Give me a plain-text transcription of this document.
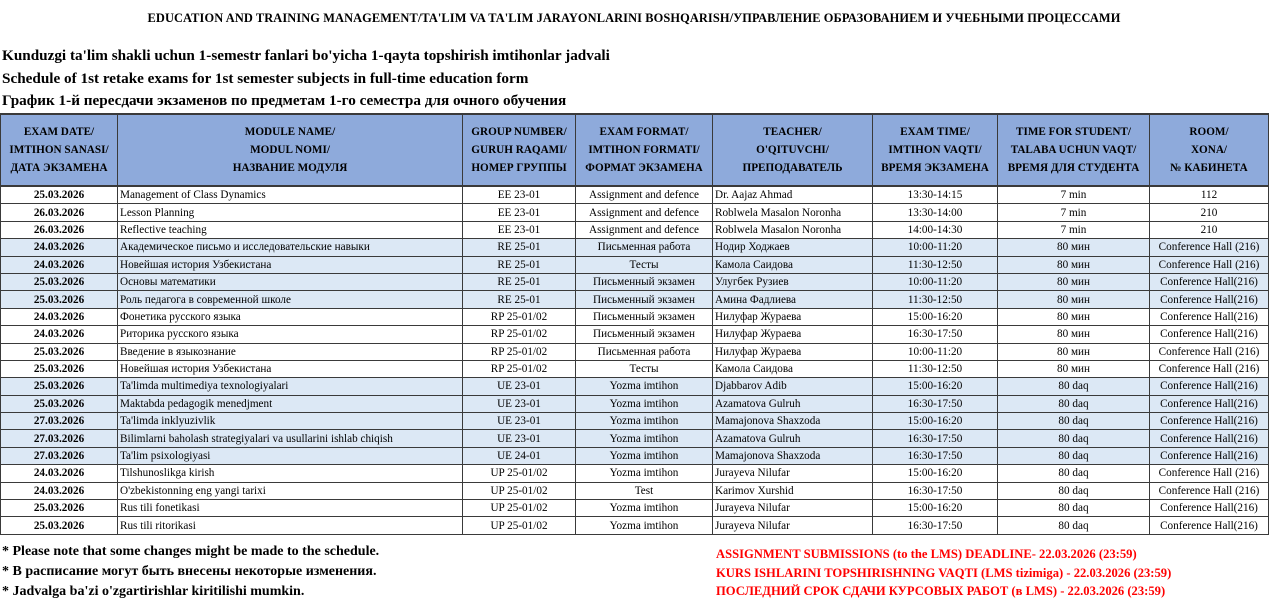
EDUCATION AND TRAINING MANAGEMENT/TA'LIM VA TA'LIM JARAYONLARINI BOSHQARISH/УПРАВЛЕНИЕ ОБРАЗОВАНИЕМ И УЧЕБНЫМИ ПРОЦЕССАМИ
Kunduzgi ta'lim shakli uchun 1-semestr fanlari bo'yicha 1-qayta topshirish imtihonlar jadvali
Schedule of 1st retake exams for 1st semester subjects in full-time education form
График 1-й пересдачи экзаменов по предметам 1-го семестра для очного обучения
EXAM DATE/
IMTIHON SANASI/
ДАТА ЭКЗАМЕНА	MODULE NAME/
MODUL NOMI/
НАЗВАНИЕ МОДУЛЯ	GROUP NUMBER/
GURUH RAQAMI/
НОМЕР ГРУППЫ	EXAM FORMAT/
IMTIHON FORMATI/
ФОРМАТ ЭКЗАМЕНА	TEACHER/
O'QITUVCHI/
ПРЕПОДАВАТЕЛЬ	EXAM TIME/
IMTIHON VAQTI/
ВРЕМЯ ЭКЗАМЕНА	TIME FOR STUDENT/
TALABA UCHUN VAQT/
ВРЕМЯ ДЛЯ СТУДЕНТА	ROOM/
XONA/
№ КАБИНЕТА

25.03.2026	Management of Class Dynamics	EE 23-01	Assignment and defence	Dr. Aajaz Ahmad	13:30-14:15	7 min	112
26.03.2026	Lesson Planning	EE 23-01	Assignment and defence	Roblwela Masalon Noronha	13:30-14:00	7 min	210
26.03.2026	Reflective teaching	EE 23-01	Assignment and defence	Roblwela Masalon Noronha	14:00-14:30	7 min	210
24.03.2026	Академическое письмо и исследовательские навыки	RE 25-01	Письменная работа	Нодир Ходжаев	10:00-11:20	80 мин	Conference Hall (216)
24.03.2026	Новейшая история Узбекистана	RE 25-01	Тесты	Камола Саидова	11:30-12:50	80 мин	Conference Hall (216)
25.03.2026	Основы математики	RE 25-01	Письменный экзамен	Улугбек Рузиев	10:00-11:20	80 мин	Conference Hall(216)
25.03.2026	Роль педагога в современной школе	RE 25-01	Письменный экзамен	Амина Фадлиева	11:30-12:50	80 мин	Conference Hall(216)
24.03.2026	Фонетика русского языка	RP 25-01/02	Письменный экзамен	Нилуфар Жураева	15:00-16:20	80 мин	Conference Hall(216)
24.03.2026	Риторика русского языка	RP 25-01/02	Письменный экзамен	Нилуфар Жураева	16:30-17:50	80 мин	Conference Hall(216)
25.03.2026	Введение в языкознание	RP 25-01/02	Письменная работа	Нилуфар Жураева	10:00-11:20	80 мин	Conference Hall (216)
25.03.2026	Новейшая история Узбекистана	RP 25-01/02	Тесты	Камола Саидова	11:30-12:50	80 мин	Conference Hall (216)
25.03.2026	Ta'limda multimediya texnologiyalari	UE 23-01	Yozma imtihon	Djabbarov Adib	15:00-16:20	80 daq	Conference Hall(216)
25.03.2026	Maktabda pedagogik menedjment	UE 23-01	Yozma imtihon	Azamatova Gulruh	16:30-17:50	80 daq	Conference Hall(216)
27.03.2026	Ta'limda inklyuzivlik	UE 23-01	Yozma imtihon	Mamajonova Shaxzoda	15:00-16:20	80 daq	Conference Hall(216)
27.03.2026	Bilimlarni baholash strategiyalari va usullarini ishlab chiqish	UE 23-01	Yozma imtihon	Azamatova Gulruh	16:30-17:50	80 daq	Conference Hall(216)
27.03.2026	Ta'lim psixologiyasi	UE 24-01	Yozma imtihon	Mamajonova Shaxzoda	16:30-17:50	80 daq	Conference Hall(216)
24.03.2026	Tilshunoslikga kirish	UP 25-01/02	Yozma imtihon	Jurayeva Nilufar	15:00-16:20	80 daq	Conference Hall (216)
24.03.2026	O'zbekistonning eng yangi tarixi	UP 25-01/02	Test	Karimov Xurshid	16:30-17:50	80 daq	Conference Hall (216)
25.03.2026	Rus tili fonetikasi	UP 25-01/02	Yozma imtihon	Jurayeva Nilufar	15:00-16:20	80 daq	Conference Hall(216)
25.03.2026	Rus tili ritorikasi	UP 25-01/02	Yozma imtihon	Jurayeva Nilufar	16:30-17:50	80 daq	Conference Hall(216)
* Please note that some changes might be made to the schedule.
* В расписание могут быть внесены некоторые изменения.
* Jadvalga ba'zi o'zgartirishlar kiritilishi mumkin.
ASSIGNMENT SUBMISSIONS (to the LMS) DEADLINE- 22.03.2026 (23:59)
KURS ISHLARINI TOPSHIRISHNING VAQTI (LMS tizimiga) - 22.03.2026 (23:59)
ПОСЛЕДНИЙ СРОК СДАЧИ КУРСОВЫХ РАБОТ (в LMS) - 22.03.2026 (23:59)
